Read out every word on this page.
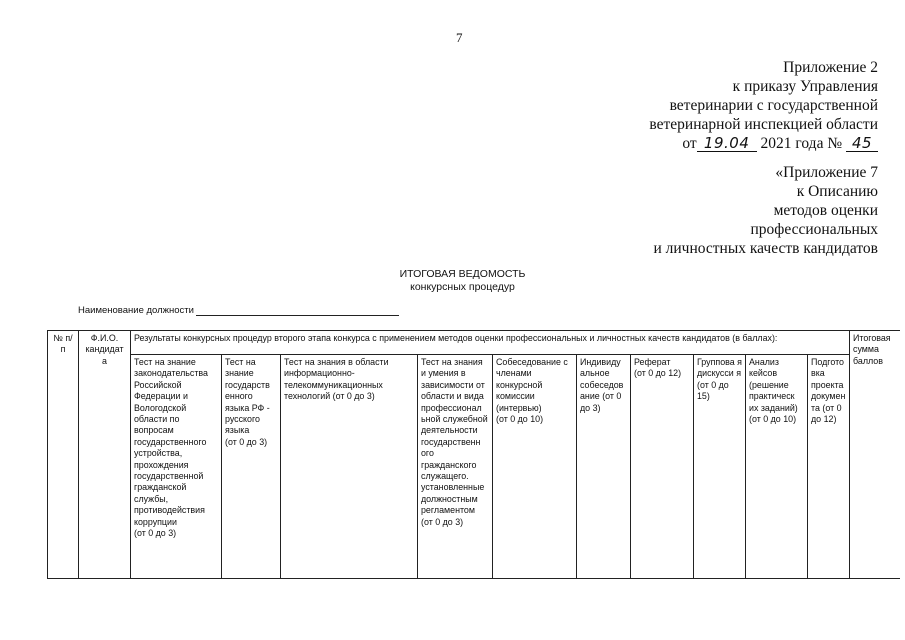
7
Приложение 2
к приказу Управления
ветеринарии с государственной
ветеринарной инспекцией области
от 19.04 2021 года № 45
«Приложение 7
к Описанию
методов оценки
профессиональных
и личностных качеств кандидатов
ИТОГОВАЯ ВЕДОМОСТЬ
конкурсных процедур
Наименование должности
№ п/п	Ф.И.О. кандидат а	Результаты конкурсных процедур второго этапа конкурса с применением методов оценки профессиональных и личностных качеств кандидатов (в баллах):										Итоговая сумма баллов
		Тест на знание законодательства Российской Федерации и Вологодской области по вопросам государственного устройства, прохождения государственной гражданской службы, противодействия коррупции
(от 0 до 3)	Тест на знание государств енного языка РФ - русского языка
(от 0 до 3)	Тест на знания в области информационно-телекоммуникационных технологий (от 0 до 3)	Тест на знания и умения в зависимости от области и вида профессионал ьной служебной деятельности государственн ого гражданского служащего. установленные должностным регламентом
(от 0 до 3)	Собеседование с членами конкурсной комиссии (интервью)
(от 0 до 10)	Индивиду альное собеседов ание (от 0 до 3)	Реферат
(от 0 до 12)	Группова я дискусси я (от 0 до 15)	Анализ кейсов (решение практическ их заданий)
(от 0 до 10)	Подгото вка проекта докумен та (от 0 до 12)	
